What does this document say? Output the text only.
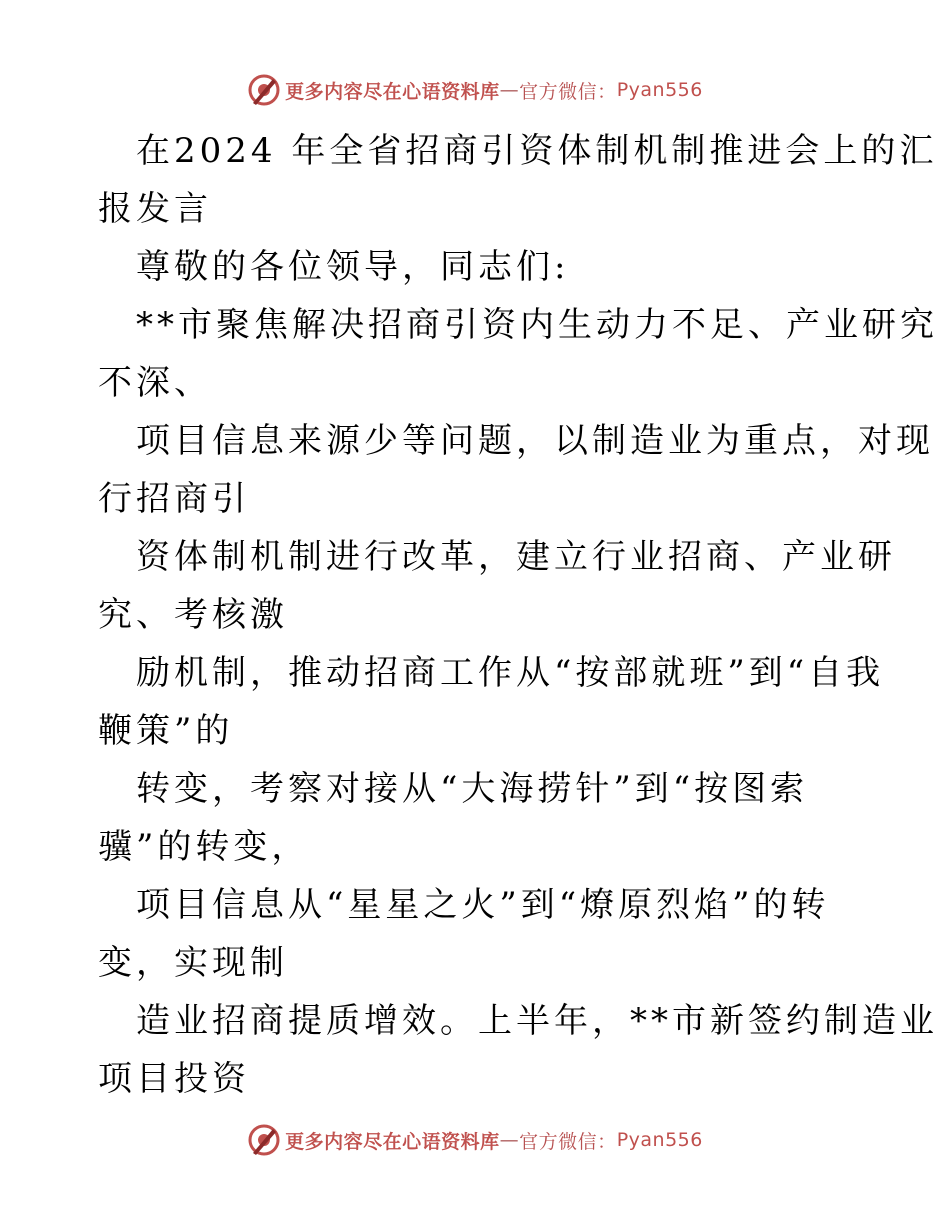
更多内容尽在心语资料库 — 官方微信： Pyan556
在2024 年全省招商引资体制机制推进会上的汇
报发言
尊敬的各位领导，同志们:
**市聚焦解决招商引资内生动力不足、产业研究
不深、
项目信息来源少等问题，以制造业为重点，对现
行招商引
资体制机制进行改革，建立行业招商、产业研
究、考核激
励机制，推动招商工作从“按部就班”到“自我
鞭策”的
转变，考察对接从“大海捞针”到“按图索
骥”的转变，
项目信息从“星星之火”到“燎原烈焰”的转
变，实现制
造业招商提质增效。上半年，**市新签约制造业
项目投资
更多内容尽在心语资料库 — 官方微信： Pyan556
